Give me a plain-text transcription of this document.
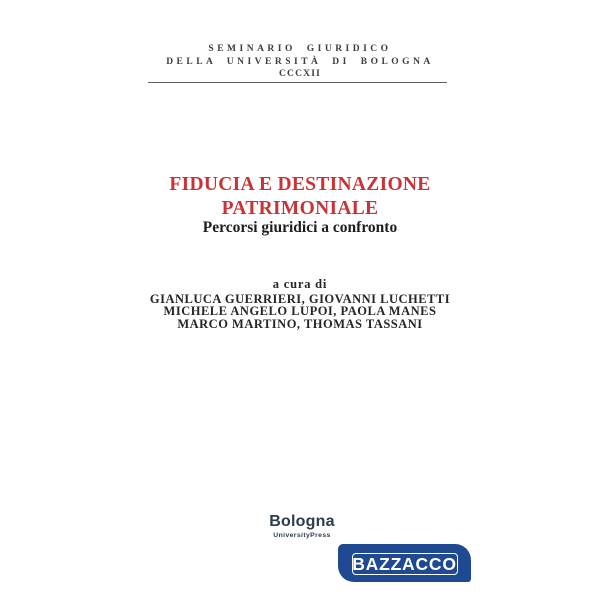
SEMINARIO GIURIDICO
DELLA UNIVERSITÀ DI BOLOGNA
CCCXII
FIDUCIA E DESTINAZIONE
PATRIMONIALE
Percorsi giuridici a confronto
a cura di
GIANLUCA GUERRIERI, GIOVANNI LUCHETTI
MICHELE ANGELO LUPOI, PAOLA MANES
MARCO MARTINO, THOMAS TASSANI
Bologna
UniversityPress
BAZZACCO
